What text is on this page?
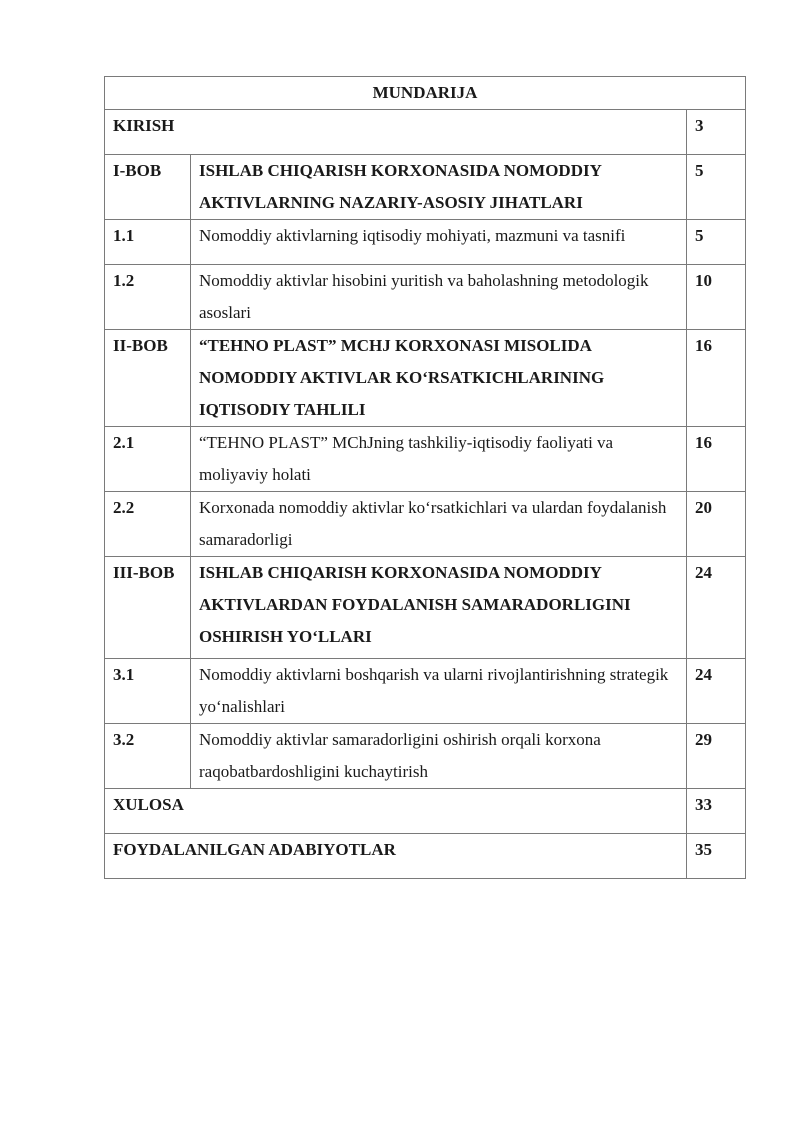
MUNDARIJA		
KIRISH		3
I-BOB	ISHLAB CHIQARISH KORXONASIDA NOMODDIY AKTIVLARNING NAZARIY-ASOSIY JIHATLARI	5
1.1	Nomoddiy aktivlarning iqtisodiy mohiyati, mazmuni va tasnifi	5
1.2	Nomoddiy aktivlar hisobini yuritish va baholashning metodologik asoslari	10
II-BOB	“TEHNO PLAST” MCHJ KORXONASI MISOLIDA NOMODDIY AKTIVLAR KO‘RSATKICHLARINING IQTISODIY TAHLILI	16
2.1	“TEHNO PLAST” MChJning tashkiliy-iqtisodiy faoliyati va moliyaviy holati	16
2.2	Korxonada nomoddiy aktivlar ko‘rsatkichlari va ulardan foydalanish samaradorligi	20
III-BOB	ISHLAB CHIQARISH KORXONASIDA NOMODDIY AKTIVLARDAN FOYDALANISH SAMARADORLIGINI OSHIRISH YO‘LLARI	24
3.1	Nomoddiy aktivlarni boshqarish va ularni rivojlantirishning strategik yo‘nalishlari	24
3.2	Nomoddiy aktivlar samaradorligini oshirish orqali korxona raqobatbardoshligini kuchaytirish	29
XULOSA		33
FOYDALANILGAN ADABIYOTLAR		35
